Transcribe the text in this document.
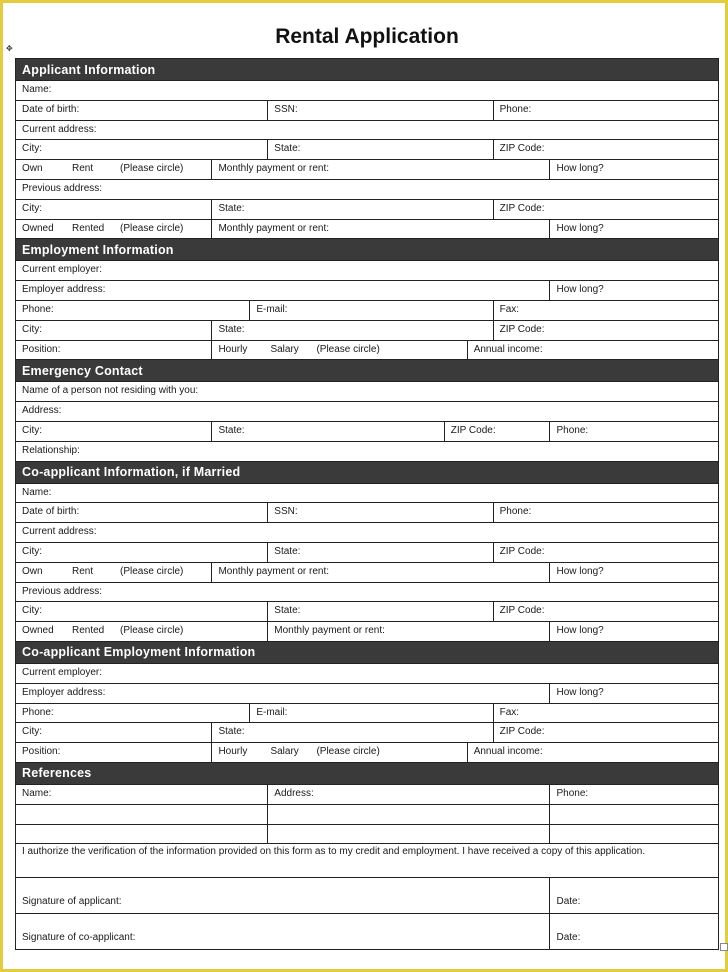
Rental Application
✥
Applicant Information
Name:
Date of birth:	SSN:	Phone:
Current address:
City:	State:	ZIP Code:
Own	Rent	(Please circle)	Monthly payment or rent:	How long?
Previous address:
City:	State:	ZIP Code:
Owned Rented (Please circle)	Monthly payment or rent:	How long?
Employment Information
Current employer:
Employer address:	How long?
Phone:	E-mail:	Fax:
City:	State:	ZIP Code:
Position:	Hourly Salary (Please circle)	Annual income:
Emergency Contact
Name of a person not residing with you:
Address:
City:	State:	ZIP Code:	Phone:
Relationship:
Co-applicant Information, if Married
Name:
Date of birth:	SSN:	Phone:
Current address:
City:	State:	ZIP Code:
Own	Rent	(Please circle)	Monthly payment or rent:	How long?
Previous address:
City:	State:	ZIP Code:
Owned Rented (Please circle)	Monthly payment or rent:	How long?
Co-applicant Employment Information
Current employer:
Employer address:	How long?
Phone:	E-mail:	Fax:
City:	State:	ZIP Code:
Position:	Hourly Salary (Please circle)	Annual income:
References
Name:	Address:	Phone:
I authorize the verification of the information provided on this form as to my credit and employment. I have received a copy of this application.
Signature of applicant:	Date:
Signature of co-applicant:	Date:
